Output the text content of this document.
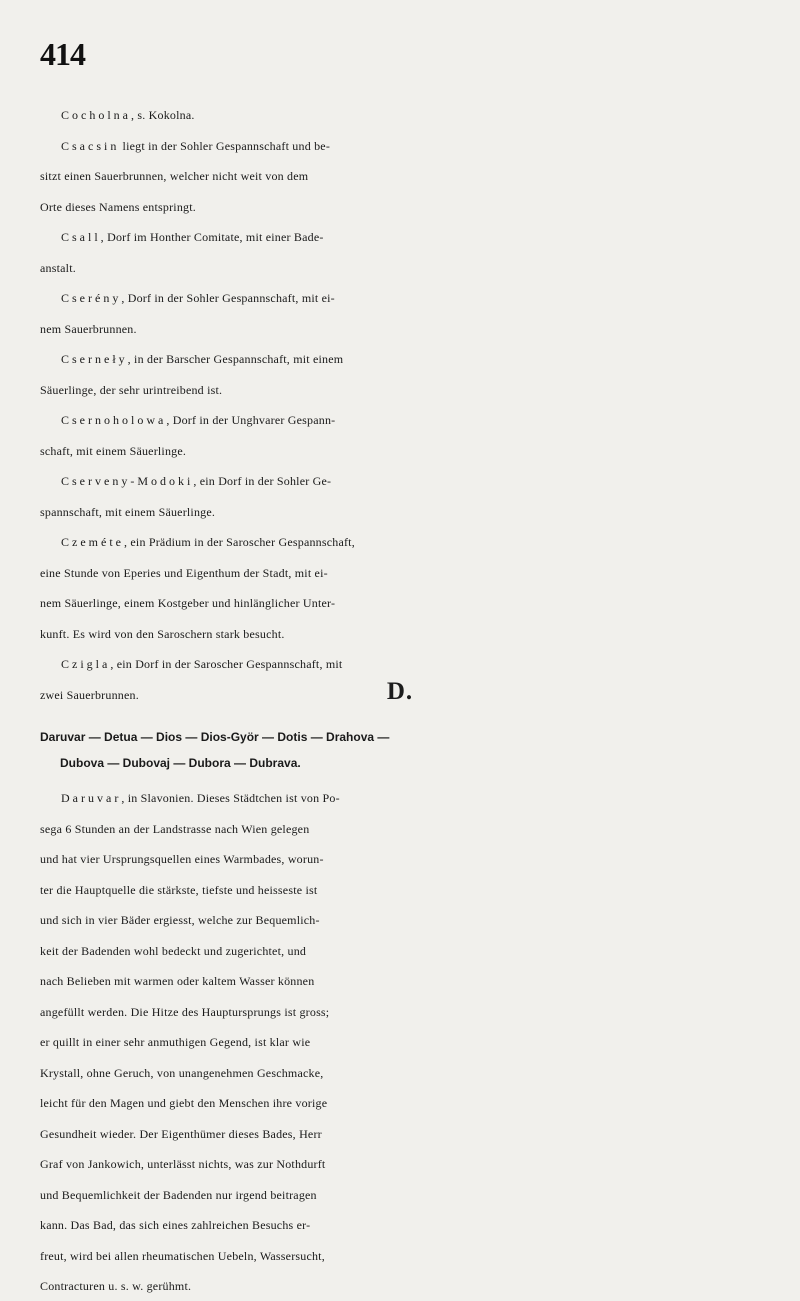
414
Cocholna, s. Kokolna.
Csacsin liegt in der Sohler Gespannschaft und be-
sitzt einen Sauerbrunnen, welcher nicht weit von dem
Orte dieses Namens entspringt.
Csall, Dorf im Honther Comitate, mit einer Bade-
anstalt.
Cserény, Dorf in der Sohler Gespannschaft, mit ei-
nem Sauerbrunnen.
Cserneły, in der Barscher Gespannschaft, mit einem
Säuerlinge, der sehr urintreibend ist.
Csernoholowa, Dorf in der Unghvarer Gespann-
schaft, mit einem Säuerlinge.
Cserveny-Modoki, ein Dorf in der Sohler Ge-
spannschaft, mit einem Säuerlinge.
Czeméte, ein Prädium in der Saroscher Gespannschaft,
eine Stunde von Eperies und Eigenthum der Stadt, mit ei-
nem Säuerlinge, einem Kostgeber und hinlänglicher Unter-
kunft. Es wird von den Saroschern stark besucht.
Czigla, ein Dorf in der Saroscher Gespannschaft, mit
zwei Sauerbrunnen.	D.
Daruvar — Detua — Dios — Dios-Györ — Dotis — Drahova —
Dubova — Dubovaj — Dubora — Dubrava.
Daruvar, in Slavonien. Dieses Städtchen ist von Po-
sega 6 Stunden an der Landstrasse nach Wien gelegen
und hat vier Ursprungsquellen eines Warmbades, worun-
ter die Hauptquelle die stärkste, tiefste und heisseste ist
und sich in vier Bäder ergiesst, welche zur Bequemlich-
keit der Badenden wohl bedeckt und zugerichtet, und
nach Belieben mit warmen oder kaltem Wasser können
angefüllt werden. Die Hitze des Hauptursprungs ist gross;
er quillt in einer sehr anmuthigen Gegend, ist klar wie
Krystall, ohne Geruch, von unangenehmen Geschmacke,
leicht für den Magen und giebt den Menschen ihre vorige
Gesundheit wieder. Der Eigenthümer dieses Bades, Herr
Graf von Jankowich, unterlässt nichts, was zur Nothdurft
und Bequemlichkeit der Badenden nur irgend beitragen
kann. Das Bad, das sich eines zahlreichen Besuchs er-
freut, wird bei allen rheumatischen Uebeln, Wassersucht,
Contracturen u. s. w. gerühmt.
